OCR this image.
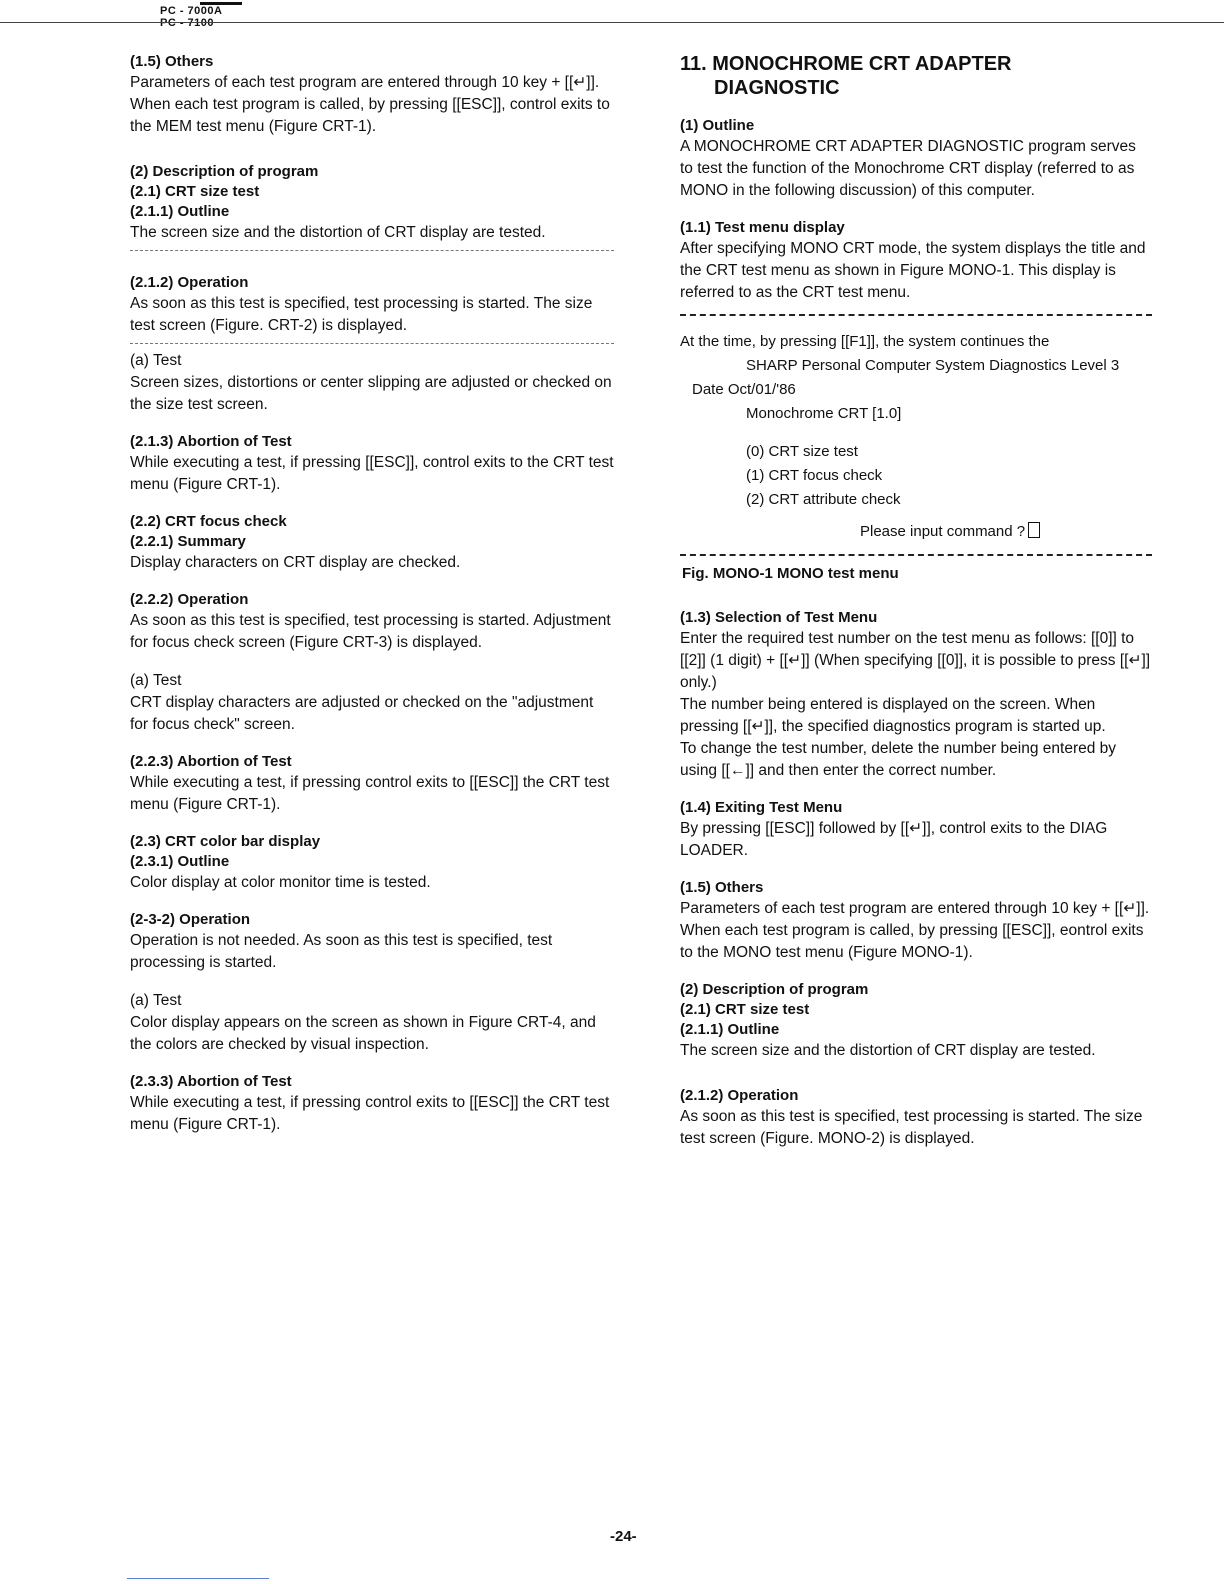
PC - 7000A
PC - 7100
(1.5) Others
Parameters of each test program are entered through 10 key + [[↵]]. When each test program is called, by pressing [[ESC]], control exits to the MEM test menu (Figure CRT-1).
(2) Description of program
(2.1) CRT size test
(2.1.1) Outline
The screen size and the distortion of CRT display are tested.
(2.1.2) Operation
As soon as this test is specified, test processing is started. The size test screen (Figure. CRT-2) is displayed.
(a) Test
Screen sizes, distortions or center slipping are adjusted or checked on the size test screen.
(2.1.3) Abortion of Test
While executing a test, if pressing [[ESC]], control exits to the CRT test menu (Figure CRT-1).
(2.2) CRT focus check
(2.2.1) Summary
Display characters on CRT display are checked.
(2.2.2) Operation
As soon as this test is specified, test processing is started. Adjustment for focus check screen (Figure CRT-3) is displayed.
(a) Test
CRT display characters are adjusted or checked on the "adjustment for focus check" screen.
(2.2.3) Abortion of Test
While executing a test, if pressing control exits to [[ESC]] the CRT test menu (Figure CRT-1).
(2.3) CRT color bar display
(2.3.1) Outline
Color display at color monitor time is tested.
(2-3-2) Operation
Operation is not needed. As soon as this test is specified, test processing is started.
(a) Test
Color display appears on the screen as shown in Figure CRT-4, and the colors are checked by visual inspection.
(2.3.3) Abortion of Test
While executing a test, if pressing control exits to [[ESC]] the CRT test menu (Figure CRT-1).
11. MONOCHROME CRT ADAPTER
DIAGNOSTIC
(1) Outline
A MONOCHROME CRT ADAPTER DIAGNOSTIC program serves to test the function of the Monochrome CRT display (referred to as MONO in the following discussion) of this computer.
(1.1) Test menu display
After specifying MONO CRT mode, the system displays the title and the CRT test menu as shown in Figure MONO-1. This display is referred to as the CRT test menu.
At the time, by pressing [[F1]], the system continues the
SHARP Personal Computer System Diagnostics Level 3
Date Oct/01/'86
Monochrome CRT [1.0]
(0) CRT size test
(1) CRT focus check
(2) CRT attribute check
Please input command ?
Fig. MONO-1 MONO test menu
(1.3) Selection of Test Menu
Enter the required test number on the test menu as follows: [[0]] to [[2]] (1 digit) + [[↵]] (When specifying [[0]], it is possible to press [[↵]] only.)
The number being entered is displayed on the screen. When pressing [[↵]], the specified diagnostics program is started up.
To change the test number, delete the number being entered by using [[←]] and then enter the correct number.
(1.4) Exiting Test Menu
By pressing [[ESC]] followed by [[↵]], control exits to the DIAG LOADER.
(1.5) Others
Parameters of each test program are entered through 10 key + [[↵]]. When each test program is called, by pressing [[ESC]], eontrol exits to the MONO test menu (Figure MONO-1).
(2) Description of program
(2.1) CRT size test
(2.1.1) Outline
The screen size and the distortion of CRT display are tested.
(2.1.2) Operation
As soon as this test is specified, test processing is started. The size test screen (Figure. MONO-2) is displayed.
-24-
